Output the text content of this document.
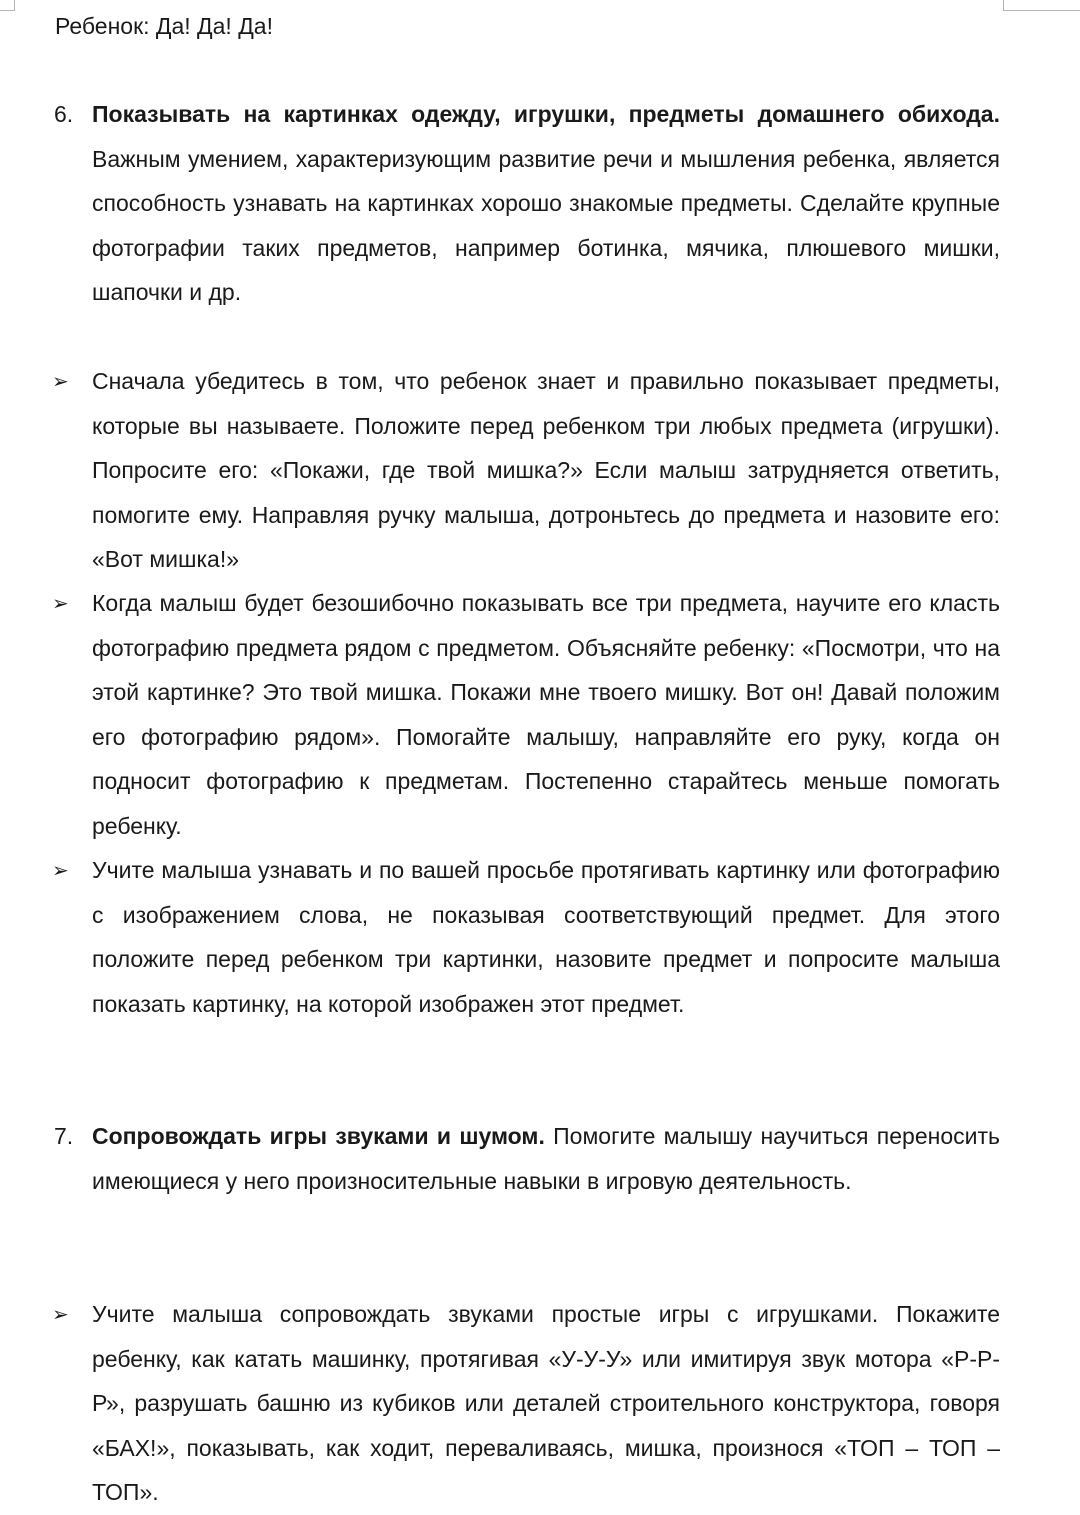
Ребенок: Да! Да! Да!
6. Показывать на картинках одежду, игрушки, предметы домашнего обихода. Важным умением, характеризующим развитие речи и мышления ребенка, является способность узнавать на картинках хорошо знакомые предметы. Сделайте крупные фотографии таких предметов, например ботинка, мячика, плюшевого мишки, шапочки и др.
➢	Сначала убедитесь в том, что ребенок знает и правильно показывает предметы, которые вы называете. Положите перед ребенком три любых предмета (игрушки). Попросите его: «Покажи, где твой мишка?» Если малыш затрудняется ответить, помогите ему. Направляя ручку малыша, дотроньтесь до предмета и назовите его: «Вот мишка!»
➢	Когда малыш будет безошибочно показывать все три предмета, научите его класть фотографию предмета рядом с предметом. Объясняйте ребенку: «Посмотри, что на этой картинке? Это твой мишка. Покажи мне твоего мишку. Вот он! Давай положим его фотографию рядом». Помогайте малышу, направляйте его руку, когда он подносит фотографию к предметам. Постепенно старайтесь меньше помогать ребенку.
➢	Учите малыша узнавать и по вашей просьбе протягивать картинку или фотографию с изображением слова, не показывая соответствующий предмет. Для этого положите перед ребенком три картинки, назовите предмет и попросите малыша показать картинку, на которой изображен этот предмет.
7. Сопровождать игры звуками и шумом. Помогите малышу научиться переносить имеющиеся у него произносительные навыки в игровую деятельность.
➢	Учите малыша сопровождать звуками простые игры с игрушками. Покажите ребенку, как катать машинку, протягивая «У-У-У» или имитируя звук мотора «Р-Р-Р», разрушать башню из кубиков или деталей строительного конструктора, говоря «БАХ!», показывать, как ходит, переваливаясь, мишка, произнося «ТОП – ТОП – ТОП».
